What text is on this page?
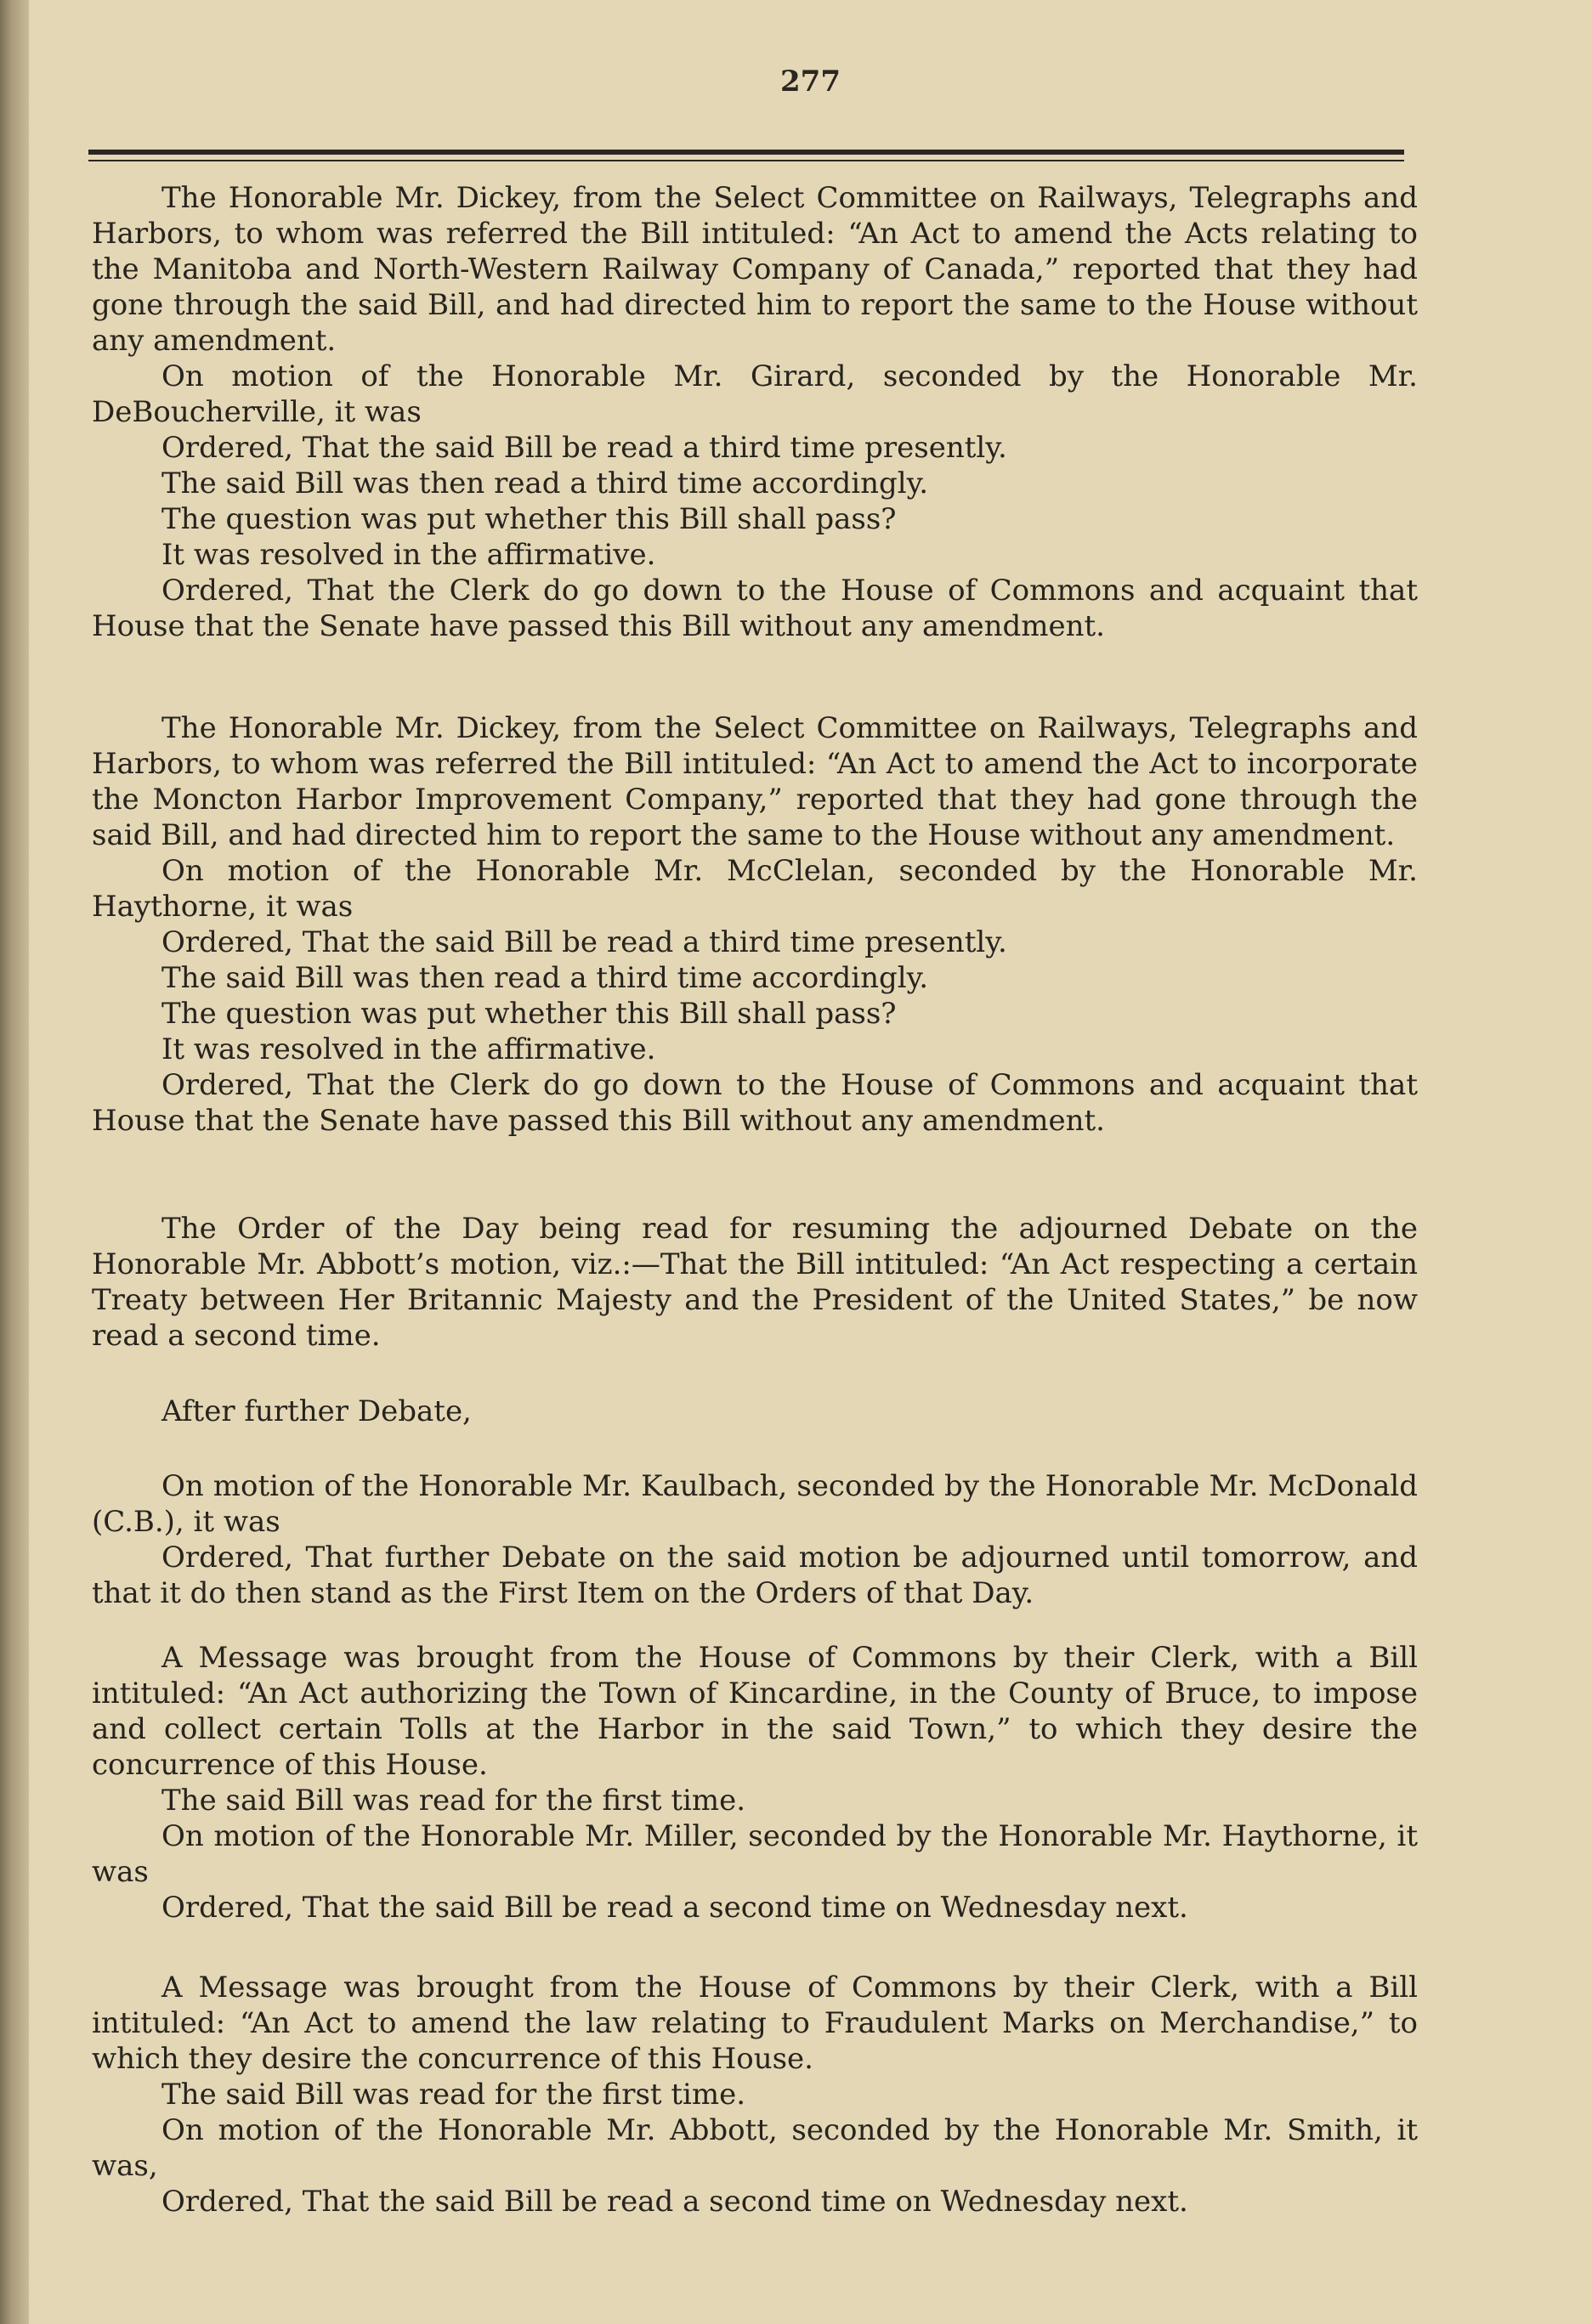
277

The Honorable Mr. Dickey, from the Select Committee on Railways, Telegraphs and Harbors, to whom was referred the Bill intituled: “An Act to amend the Acts relating to the Manitoba and North-Western Railway Company of Canada,” reported that they had gone through the said Bill, and had directed him to report the same to the House without any amendment.

On motion of the Honorable Mr. Girard, seconded by the Honorable Mr. DeBoucherville, it was

Ordered, That the said Bill be read a third time presently.

The said Bill was then read a third time accordingly.

The question was put whether this Bill shall pass?

It was resolved in the affirmative.

Ordered, That the Clerk do go down to the House of Commons and acquaint that House that the Senate have passed this Bill without any amendment.

The Honorable Mr. Dickey, from the Select Committee on Railways, Telegraphs and Harbors, to whom was referred the Bill intituled: “An Act to amend the Act to incorporate the Moncton Harbor Improvement Company,” reported that they had gone through the said Bill, and had directed him to report the same to the House without any amendment.

On motion of the Honorable Mr. McClelan, seconded by the Honorable Mr. Haythorne, it was

Ordered, That the said Bill be read a third time presently.

The said Bill was then read a third time accordingly.

The question was put whether this Bill shall pass?

It was resolved in the affirmative.

Ordered, That the Clerk do go down to the House of Commons and acquaint that House that the Senate have passed this Bill without any amendment.

The Order of the Day being read for resuming the adjourned Debate on the Honorable Mr. Abbott’s motion, viz.:—That the Bill intituled: “An Act respecting a certain Treaty between Her Britannic Majesty and the President of the United States,” be now read a second time.

After further Debate,

On motion of the Honorable Mr. Kaulbach, seconded by the Honorable Mr. McDonald (C.B.), it was

Ordered, That further Debate on the said motion be adjourned until tomorrow, and that it do then stand as the First Item on the Orders of that Day.

A Message was brought from the House of Commons by their Clerk, with a Bill intituled: “An Act authorizing the Town of Kincardine, in the County of Bruce, to impose and collect certain Tolls at the Harbor in the said Town,” to which they desire the concurrence of this House.

The said Bill was read for the first time.

On motion of the Honorable Mr. Miller, seconded by the Honorable Mr. Haythorne, it was

Ordered, That the said Bill be read a second time on Wednesday next.

A Message was brought from the House of Commons by their Clerk, with a Bill intituled: “An Act to amend the law relating to Fraudulent Marks on Merchandise,” to which they desire the concurrence of this House.

The said Bill was read for the first time.

On motion of the Honorable Mr. Abbott, seconded by the Honorable Mr. Smith, it was,

Ordered, That the said Bill be read a second time on Wednesday next.
